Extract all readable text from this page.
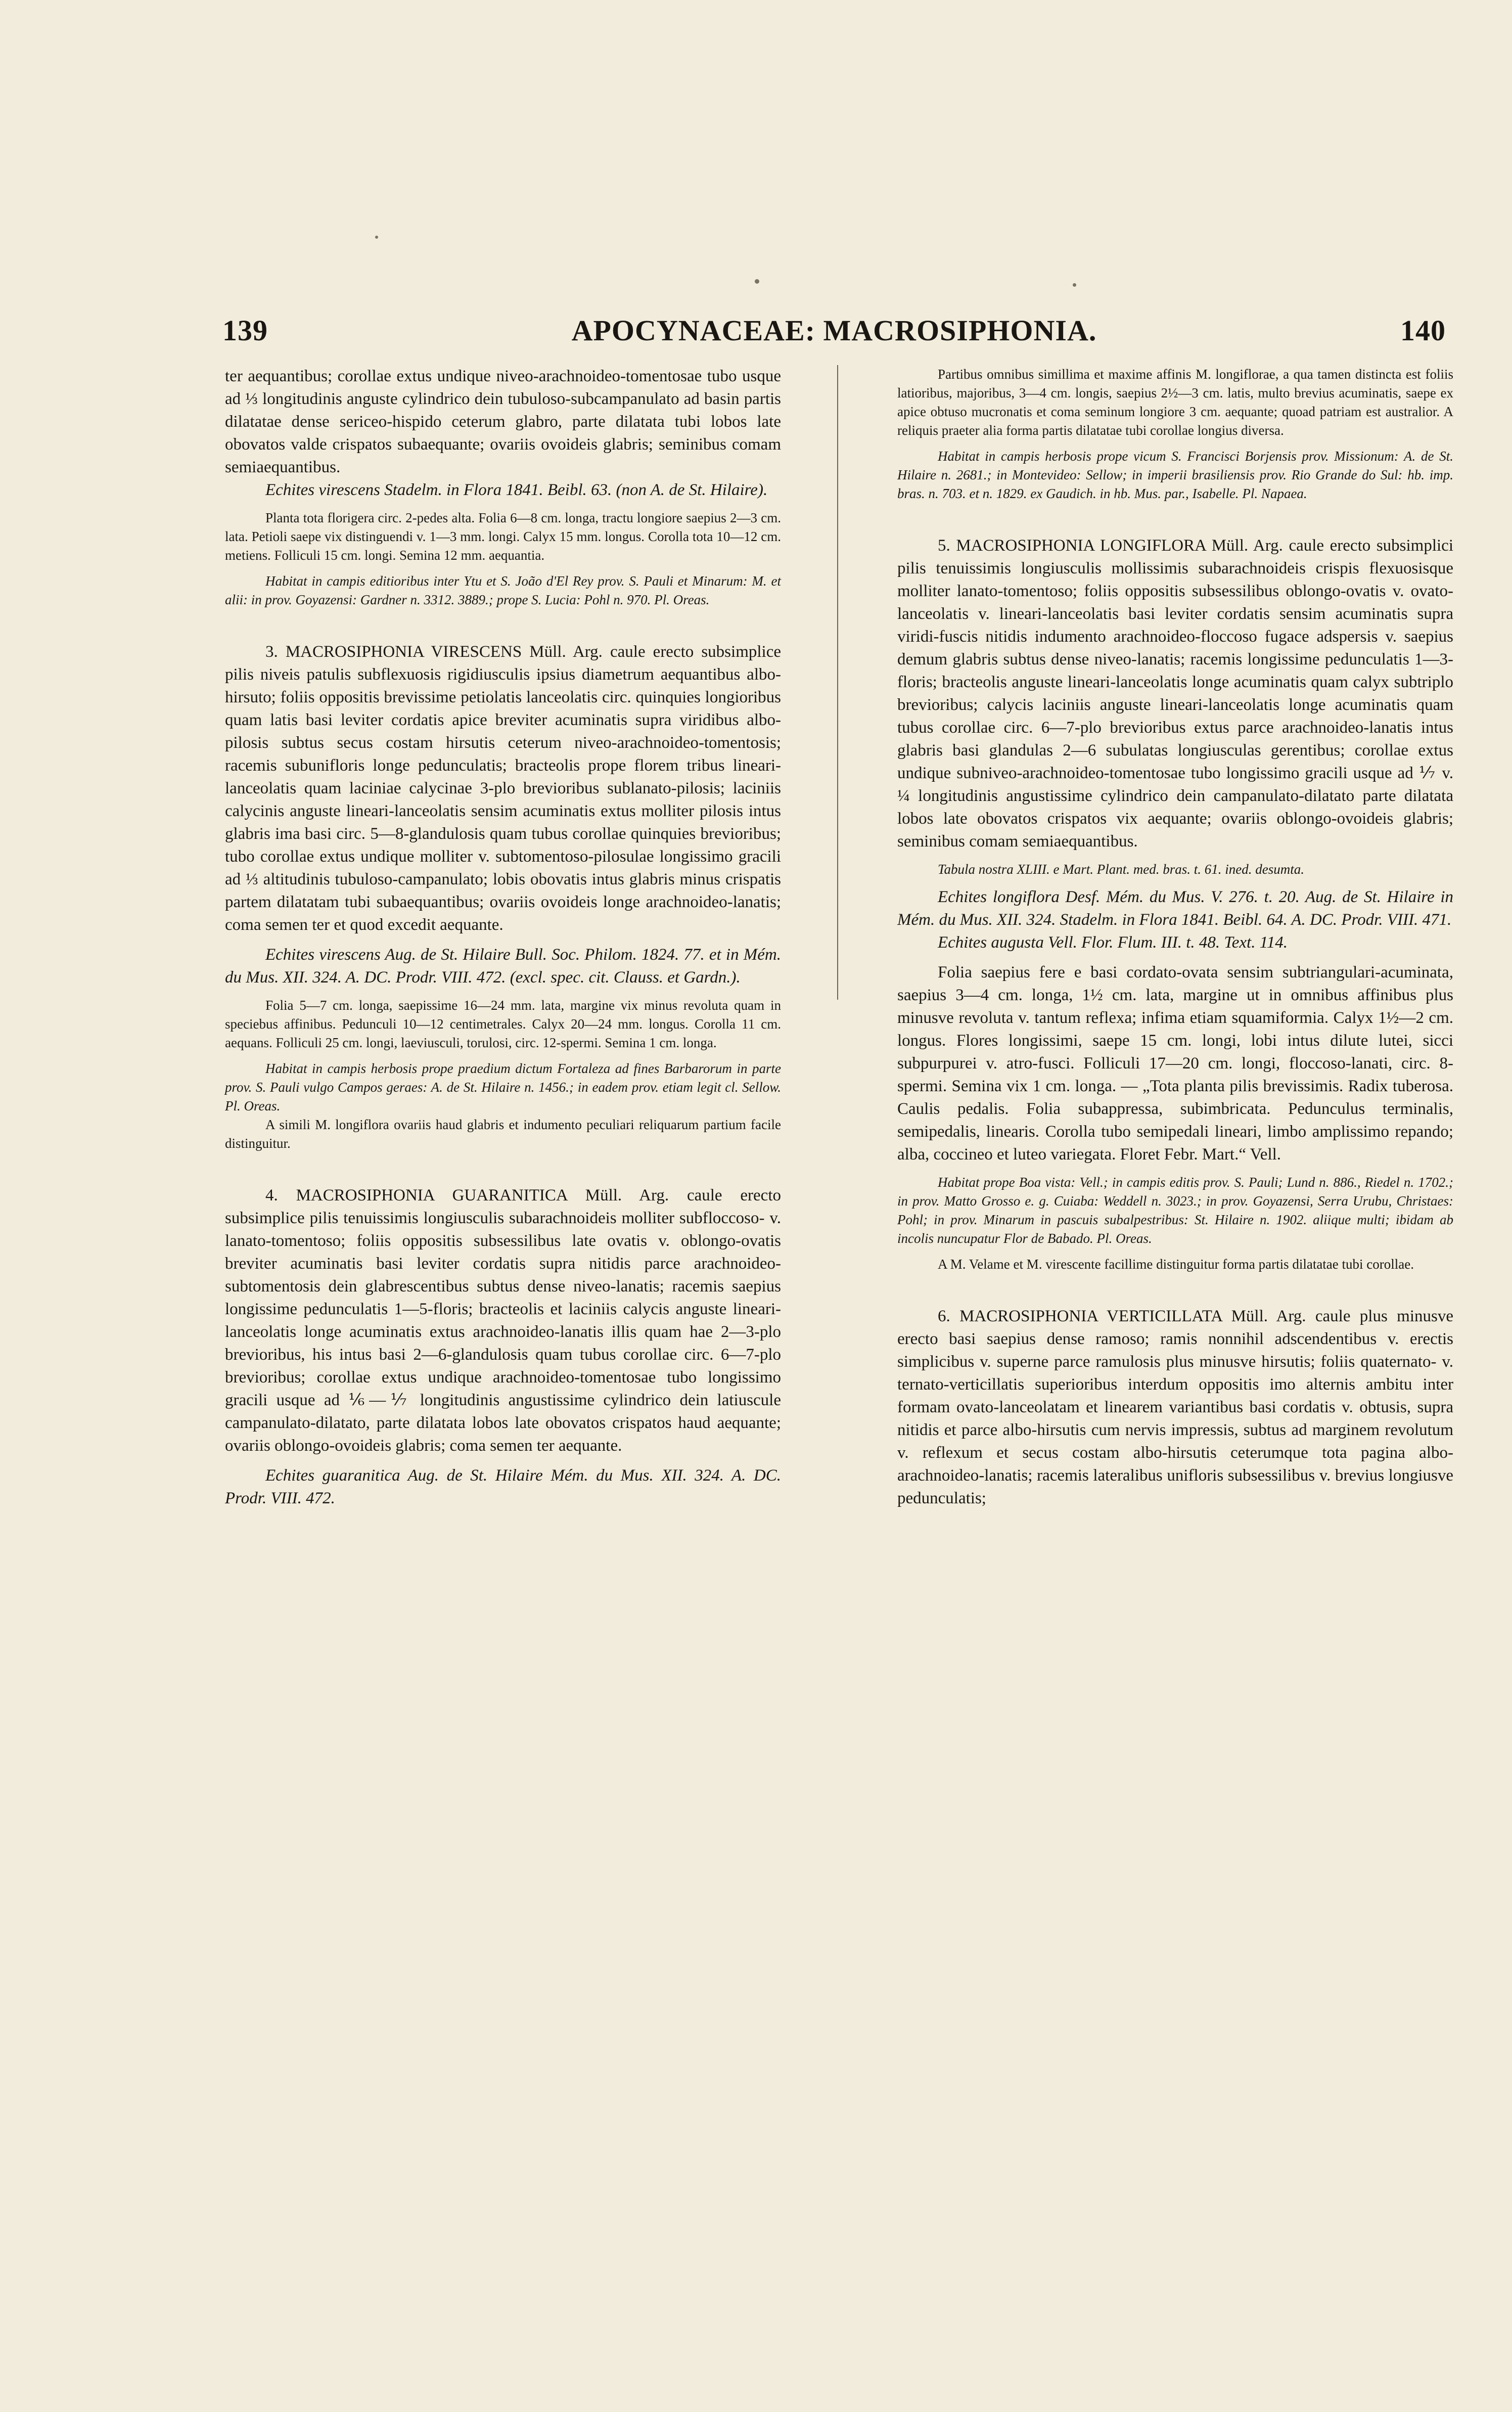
139	APOCYNACEAE: MACROSIPHONIA.	140

ter aequantibus; corollae extus undique niveo-arachnoideo-tomentosae tubo usque ad ⅓ longitudinis anguste cylindrico dein tubuloso-subcampanulato ad basin partis dilatatae dense sericeo-hispido ceterum glabro, parte dilatata tubi lobos late obovatos valde crispatos subaequante; ovariis ovoideis glabris; seminibus comam semiaequantibus.

Echites virescens Stadelm. in Flora 1841. Beibl. 63. (non A. de St. Hilaire).

Planta tota florigera circ. 2-pedes alta. Folia 6—8 cm. longa, tractu longiore saepius 2—3 cm. lata. Petioli saepe vix distinguendi v. 1—3 mm. longi. Calyx 15 mm. longus. Corolla tota 10—12 cm. metiens. Folliculi 15 cm. longi. Semina 12 mm. aequantia.

Habitat in campis editioribus inter Ytu et S. João d'El Rey prov. S. Pauli et Minarum: M. et alii: in prov. Goyazensi: Gardner n. 3312. 3889.; prope S. Lucia: Pohl n. 970. Pl. Oreas.

3. MACROSIPHONIA VIRESCENS Müll. Arg. caule erecto subsimplice pilis niveis patulis subflexuosis rigidiusculis ipsius diametrum aequantibus albo-hirsuto; foliis oppositis brevissime petiolatis lanceolatis circ. quinquies longioribus quam latis basi leviter cordatis apice breviter acuminatis supra viridibus albo-pilosis subtus secus costam hirsutis ceterum niveo-arachnoideo-tomentosis; racemis subunifloris longe pedunculatis; bracteolis prope florem tribus lineari-lanceolatis quam laciniae calycinae 3-plo brevioribus sublanato-pilosis; laciniis calycinis anguste lineari-lanceolatis sensim acuminatis extus molliter pilosis intus glabris ima basi circ. 5—8-glandulosis quam tubus corollae quinquies brevioribus; tubo corollae extus undique molliter v. subtomentoso-pilosulae longissimo gracili ad ⅓ altitudinis tubuloso-campanulato; lobis obovatis intus glabris minus crispatis partem dilatatam tubi subaequantibus; ovariis ovoideis longe arachnoideo-lanatis; coma semen ter et quod excedit aequante.

Echites virescens Aug. de St. Hilaire Bull. Soc. Philom. 1824. 77. et in Mém. du Mus. XII. 324. A. DC. Prodr. VIII. 472. (excl. spec. cit. Clauss. et Gardn.).

Folia 5—7 cm. longa, saepissime 16—24 mm. lata, margine vix minus revoluta quam in speciebus affinibus. Pedunculi 10—12 centimetrales. Calyx 20—24 mm. longus. Corolla 11 cm. aequans. Folliculi 25 cm. longi, laeviusculi, torulosi, circ. 12-spermi. Semina 1 cm. longa.

Habitat in campis herbosis prope praedium dictum Fortaleza ad fines Barbarorum in parte prov. S. Pauli vulgo Campos geraes: A. de St. Hilaire n. 1456.; in eadem prov. etiam legit cl. Sellow. Pl. Oreas.

A simili M. longiflora ovariis haud glabris et indumento peculiari reliquarum partium facile distinguitur.

4. MACROSIPHONIA GUARANITICA Müll. Arg. caule erecto subsimplice pilis tenuissimis longiusculis subarachnoideis molliter subfloccoso- v. lanato-tomentoso; foliis oppositis subsessilibus late ovatis v. oblongo-ovatis breviter acuminatis basi leviter cordatis supra nitidis parce arachnoideo-subtomentosis dein glabrescentibus subtus dense niveo-lanatis; racemis saepius longissime pedunculatis 1—5-floris; bracteolis et laciniis calycis anguste lineari-lanceolatis longe acuminatis extus arachnoideo-lanatis illis quam hae 2—3-plo brevioribus, his intus basi 2—6-glandulosis quam tubus corollae circ. 6—7-plo brevioribus; corollae extus undique arachnoideo-tomentosae tubo longissimo gracili usque ad ⅙—⅐ longitudinis angustissime cylindrico dein latiuscule campanulato-dilatato, parte dilatata lobos late obovatos crispatos haud aequante; ovariis oblongo-ovoideis glabris; coma semen ter aequante.

Echites guaranitica Aug. de St. Hilaire Mém. du Mus. XII. 324. A. DC. Prodr. VIII. 472.

Partibus omnibus simillima et maxime affinis M. longiflorae, a qua tamen distincta est foliis latioribus, majoribus, 3—4 cm. longis, saepius 2½—3 cm. latis, multo brevius acuminatis, saepe ex apice obtuso mucronatis et coma seminum longiore 3 cm. aequante; quoad patriam est australior. A reliquis praeter alia forma partis dilatatae tubi corollae longius diversa.

Habitat in campis herbosis prope vicum S. Francisci Borjensis prov. Missionum: A. de St. Hilaire n. 2681.; in Montevideo: Sellow; in imperii brasiliensis prov. Rio Grande do Sul: hb. imp. bras. n. 703. et n. 1829. ex Gaudich. in hb. Mus. par., Isabelle. Pl. Napaea.

5. MACROSIPHONIA LONGIFLORA Müll. Arg. caule erecto subsimplici pilis tenuissimis longiusculis mollissimis subarachnoideis crispis flexuosisque molliter lanato-tomentoso; foliis oppositis subsessilibus oblongo-ovatis v. ovato-lanceolatis v. lineari-lanceolatis basi leviter cordatis sensim acuminatis supra viridi-fuscis nitidis indumento arachnoideo-floccoso fugace adspersis v. saepius demum glabris subtus dense niveo-lanatis; racemis longissime pedunculatis 1—3-floris; bracteolis anguste lineari-lanceolatis longe acuminatis quam calyx subtriplo brevioribus; calycis laciniis anguste lineari-lanceolatis longe acuminatis quam tubus corollae circ. 6—7-plo brevioribus extus parce arachnoideo-lanatis intus glabris basi glandulas 2—6 subulatas longiusculas gerentibus; corollae extus undique subniveo-arachnoideo-tomentosae tubo longissimo gracili usque ad ⅐ v. ¼ longitudinis angustissime cylindrico dein campanulato-dilatato parte dilatata lobos late obovatos crispatos vix aequante; ovariis oblongo-ovoideis glabris; seminibus comam semiaequantibus.

Tabula nostra XLIII. e Mart. Plant. med. bras. t. 61. ined. desumta.

Echites longiflora Desf. Mém. du Mus. V. 276. t. 20. Aug. de St. Hilaire in Mém. du Mus. XII. 324. Stadelm. in Flora 1841. Beibl. 64. A. DC. Prodr. VIII. 471.

Echites augusta Vell. Flor. Flum. III. t. 48. Text. 114.

Folia saepius fere e basi cordato-ovata sensim subtriangulari-acuminata, saepius 3—4 cm. longa, 1½ cm. lata, margine ut in omnibus affinibus plus minusve revoluta v. tantum reflexa; infima etiam squamiformia. Calyx 1½—2 cm. longus. Flores longissimi, saepe 15 cm. longi, lobi intus dilute lutei, sicci subpurpurei v. atro-fusci. Folliculi 17—20 cm. longi, floccoso-lanati, circ. 8-spermi. Semina vix 1 cm. longa. — „Tota planta pilis brevissimis. Radix tuberosa. Caulis pedalis. Folia subappressa, subimbricata. Pedunculus terminalis, semipedalis, linearis. Corolla tubo semipedali lineari, limbo amplissimo repando; alba, coccineo et luteo variegata. Floret Febr. Mart.“ Vell.

Habitat prope Boa vista: Vell.; in campis editis prov. S. Pauli; Lund n. 886., Riedel n. 1702.; in prov. Matto Grosso e. g. Cuiaba: Weddell n. 3023.; in prov. Goyazensi, Serra Urubu, Christaes: Pohl; in prov. Minarum in pascuis subalpestribus: St. Hilaire n. 1902. aliique multi; ibidam ab incolis nuncupatur Flor de Babado. Pl. Oreas.

A M. Velame et M. virescente facillime distinguitur forma partis dilatatae tubi corollae.

6. MACROSIPHONIA VERTICILLATA Müll. Arg. caule plus minusve erecto basi saepius dense ramoso; ramis nonnihil adscendentibus v. erectis simplicibus v. superne parce ramulosis plus minusve hirsutis; foliis quaternato- v. ternato-verticillatis superioribus interdum oppositis imo alternis ambitu inter formam ovato-lanceolatam et linearem variantibus basi cordatis v. obtusis, supra nitidis et parce albo-hirsutis cum nervis impressis, subtus ad marginem revolutum v. reflexum et secus costam albo-hirsutis ceterumque tota pagina albo-arachnoideo-lanatis; racemis lateralibus unifloris subsessilibus v. brevius longiusve pedunculatis;
